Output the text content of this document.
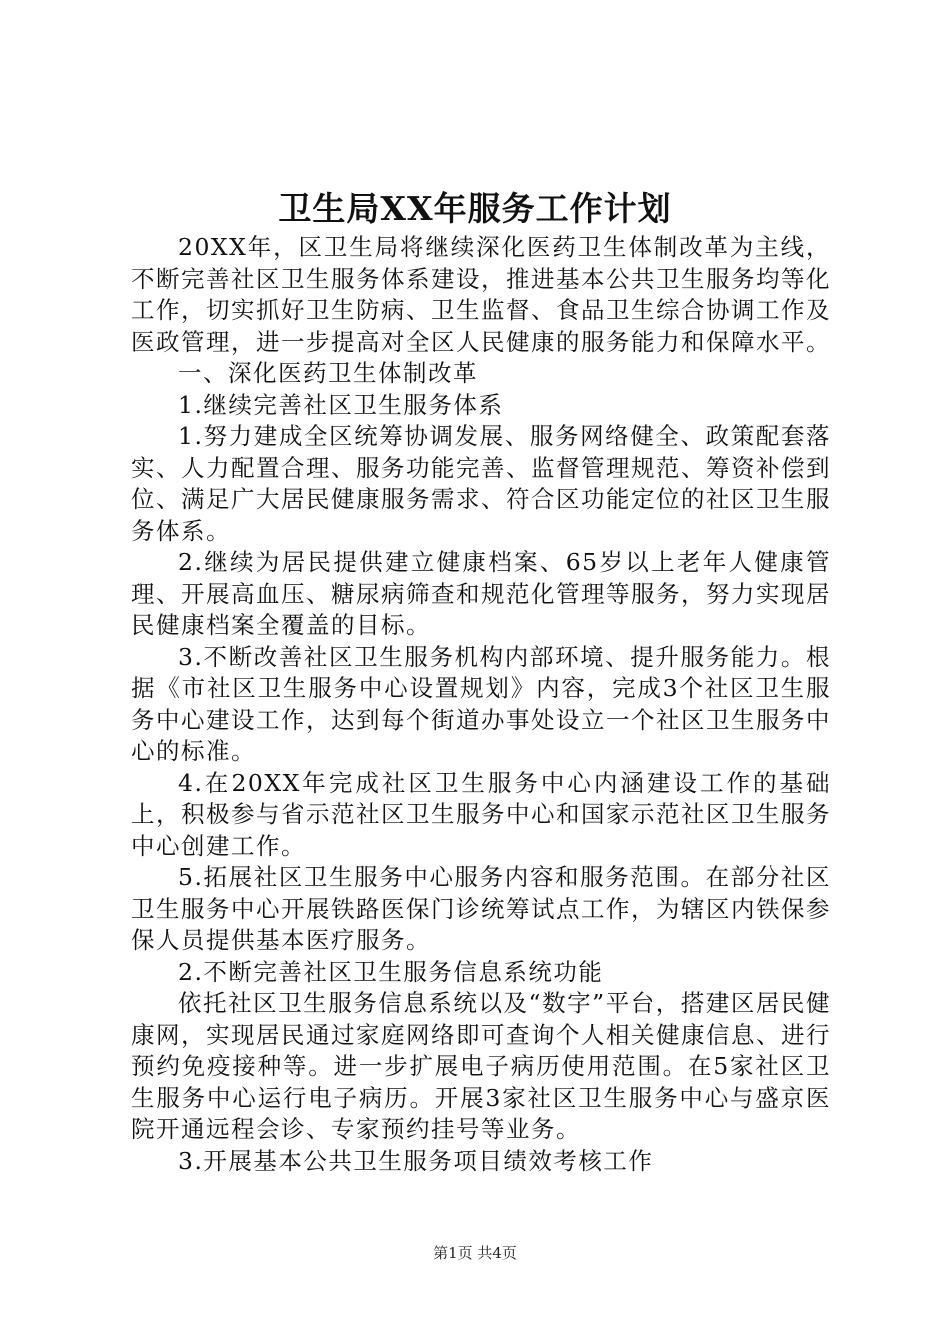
卫生局XX年服务工作计划

20XX年，区卫生局将继续深化医药卫生体制改革为主线，不断完善社区卫生服务体系建设，推进基本公共卫生服务均等化工作，切实抓好卫生防病、卫生监督、食品卫生综合协调工作及医政管理，进一步提高对全区人民健康的服务能力和保障水平。

一、深化医药卫生体制改革

1.继续完善社区卫生服务体系

1.努力建成全区统筹协调发展、服务网络健全、政策配套落实、人力配置合理、服务功能完善、监督管理规范、筹资补偿到位、满足广大居民健康服务需求、符合区功能定位的社区卫生服务体系。

2.继续为居民提供建立健康档案、65岁以上老年人健康管理、开展高血压、糖尿病筛查和规范化管理等服务，努力实现居民健康档案全覆盖的目标。

3.不断改善社区卫生服务机构内部环境、提升服务能力。根据《市社区卫生服务中心设置规划》内容，完成3个社区卫生服务中心建设工作，达到每个街道办事处设立一个社区卫生服务中心的标准。

4.在20XX年完成社区卫生服务中心内涵建设工作的基础上，积极参与省示范社区卫生服务中心和国家示范社区卫生服务中心创建工作。

5.拓展社区卫生服务中心服务内容和服务范围。在部分社区卫生服务中心开展铁路医保门诊统筹试点工作，为辖区内铁保参保人员提供基本医疗服务。

2.不断完善社区卫生服务信息系统功能

依托社区卫生服务信息系统以及“数字”平台，搭建区居民健康网，实现居民通过家庭网络即可查询个人相关健康信息、进行预约免疫接种等。进一步扩展电子病历使用范围。在5家社区卫生服务中心运行电子病历。开展3家社区卫生服务中心与盛京医院开通远程会诊、专家预约挂号等业务。

3.开展基本公共卫生服务项目绩效考核工作

第1页 共4页
